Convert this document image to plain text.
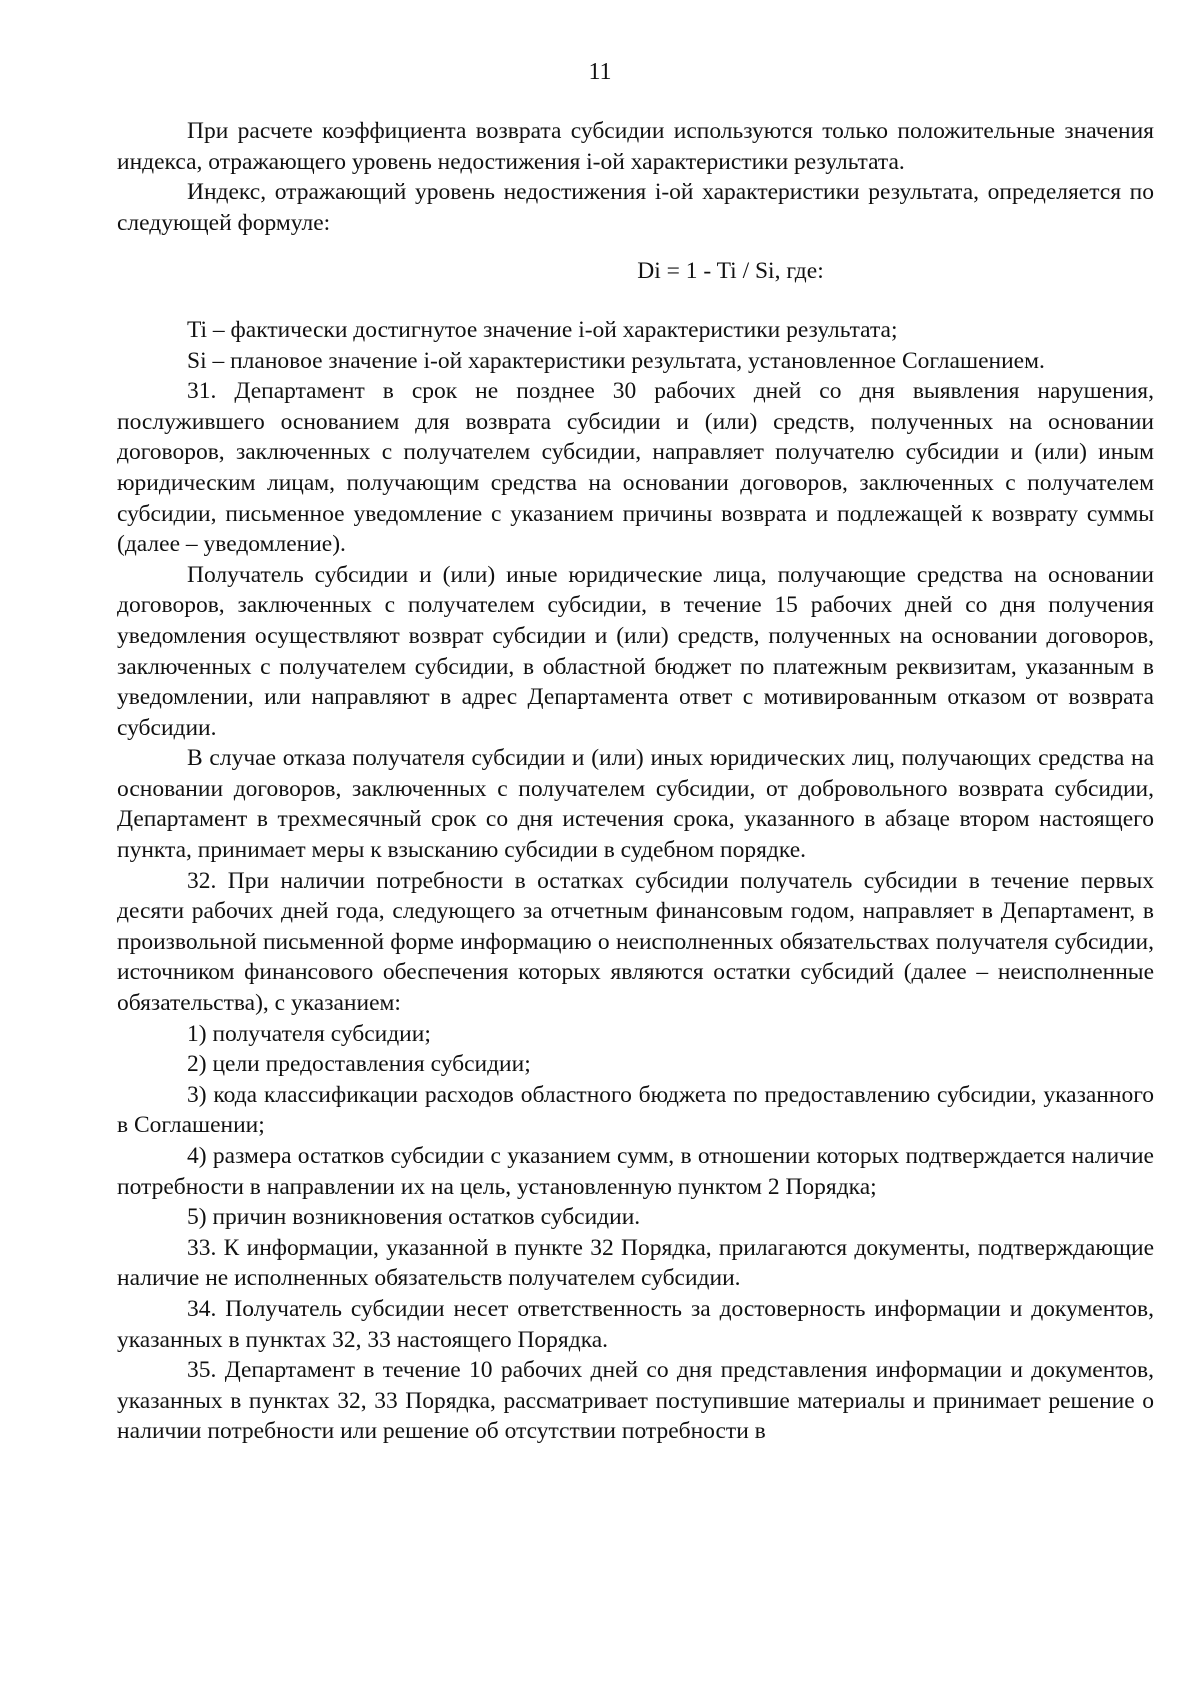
11

При расчете коэффициента возврата субсидии используются только положительные значения индекса, отражающего уровень недостижения i-ой характеристики результата.

Индекс, отражающий уровень недостижения i-ой характеристики результата, определяется по следующей формуле:

Di = 1 - Ti / Si, где:

Ti – фактически достигнутое значение i-ой характеристики результата;

Si – плановое значение i-ой характеристики результата, установленное Соглашением.

31. Департамент в срок не позднее 30 рабочих дней со дня выявления нарушения, послужившего основанием для возврата субсидии и (или) средств, полученных на основании договоров, заключенных с получателем субсидии, направляет получателю субсидии и (или) иным юридическим лицам, получающим средства на основании договоров, заключенных с получателем субсидии, письменное уведомление с указанием причины возврата и подлежащей к возврату суммы (далее – уведомление).

Получатель субсидии и (или) иные юридические лица, получающие средства на основании договоров, заключенных с получателем субсидии, в течение 15 рабочих дней со дня получения уведомления осуществляют возврат субсидии и (или) средств, полученных на основании договоров, заключенных с получателем субсидии, в областной бюджет по платежным реквизитам, указанным в уведомлении, или направляют в адрес Департамента ответ с мотивированным отказом от возврата субсидии.

В случае отказа получателя субсидии и (или) иных юридических лиц, получающих средства на основании договоров, заключенных с получателем субсидии, от добровольного возврата субсидии, Департамент в трехмесячный срок со дня истечения срока, указанного в абзаце втором настоящего пункта, принимает меры к взысканию субсидии в судебном порядке.

32. При наличии потребности в остатках субсидии получатель субсидии в течение первых десяти рабочих дней года, следующего за отчетным финансовым годом, направляет в Департамент, в произвольной письменной форме информацию о неисполненных обязательствах получателя субсидии, источником финансового обеспечения которых являются остатки субсидий (далее – неисполненные обязательства), с указанием:

1) получателя субсидии;

2) цели предоставления субсидии;

3) кода классификации расходов областного бюджета по предоставлению субсидии, указанного в Соглашении;

4) размера остатков субсидии с указанием сумм, в отношении которых подтверждается наличие потребности в направлении их на цель, установленную пунктом 2 Порядка;

5) причин возникновения остатков субсидии.

33. К информации, указанной в пункте 32 Порядка, прилагаются документы, подтверждающие наличие не исполненных обязательств получателем субсидии.

34. Получатель субсидии несет ответственность за достоверность информации и документов, указанных в пунктах 32, 33 настоящего Порядка.

35. Департамент в течение 10 рабочих дней со дня представления информации и документов, указанных в пунктах 32, 33 Порядка, рассматривает поступившие материалы и принимает решение о наличии потребности или решение об отсутствии потребности в
